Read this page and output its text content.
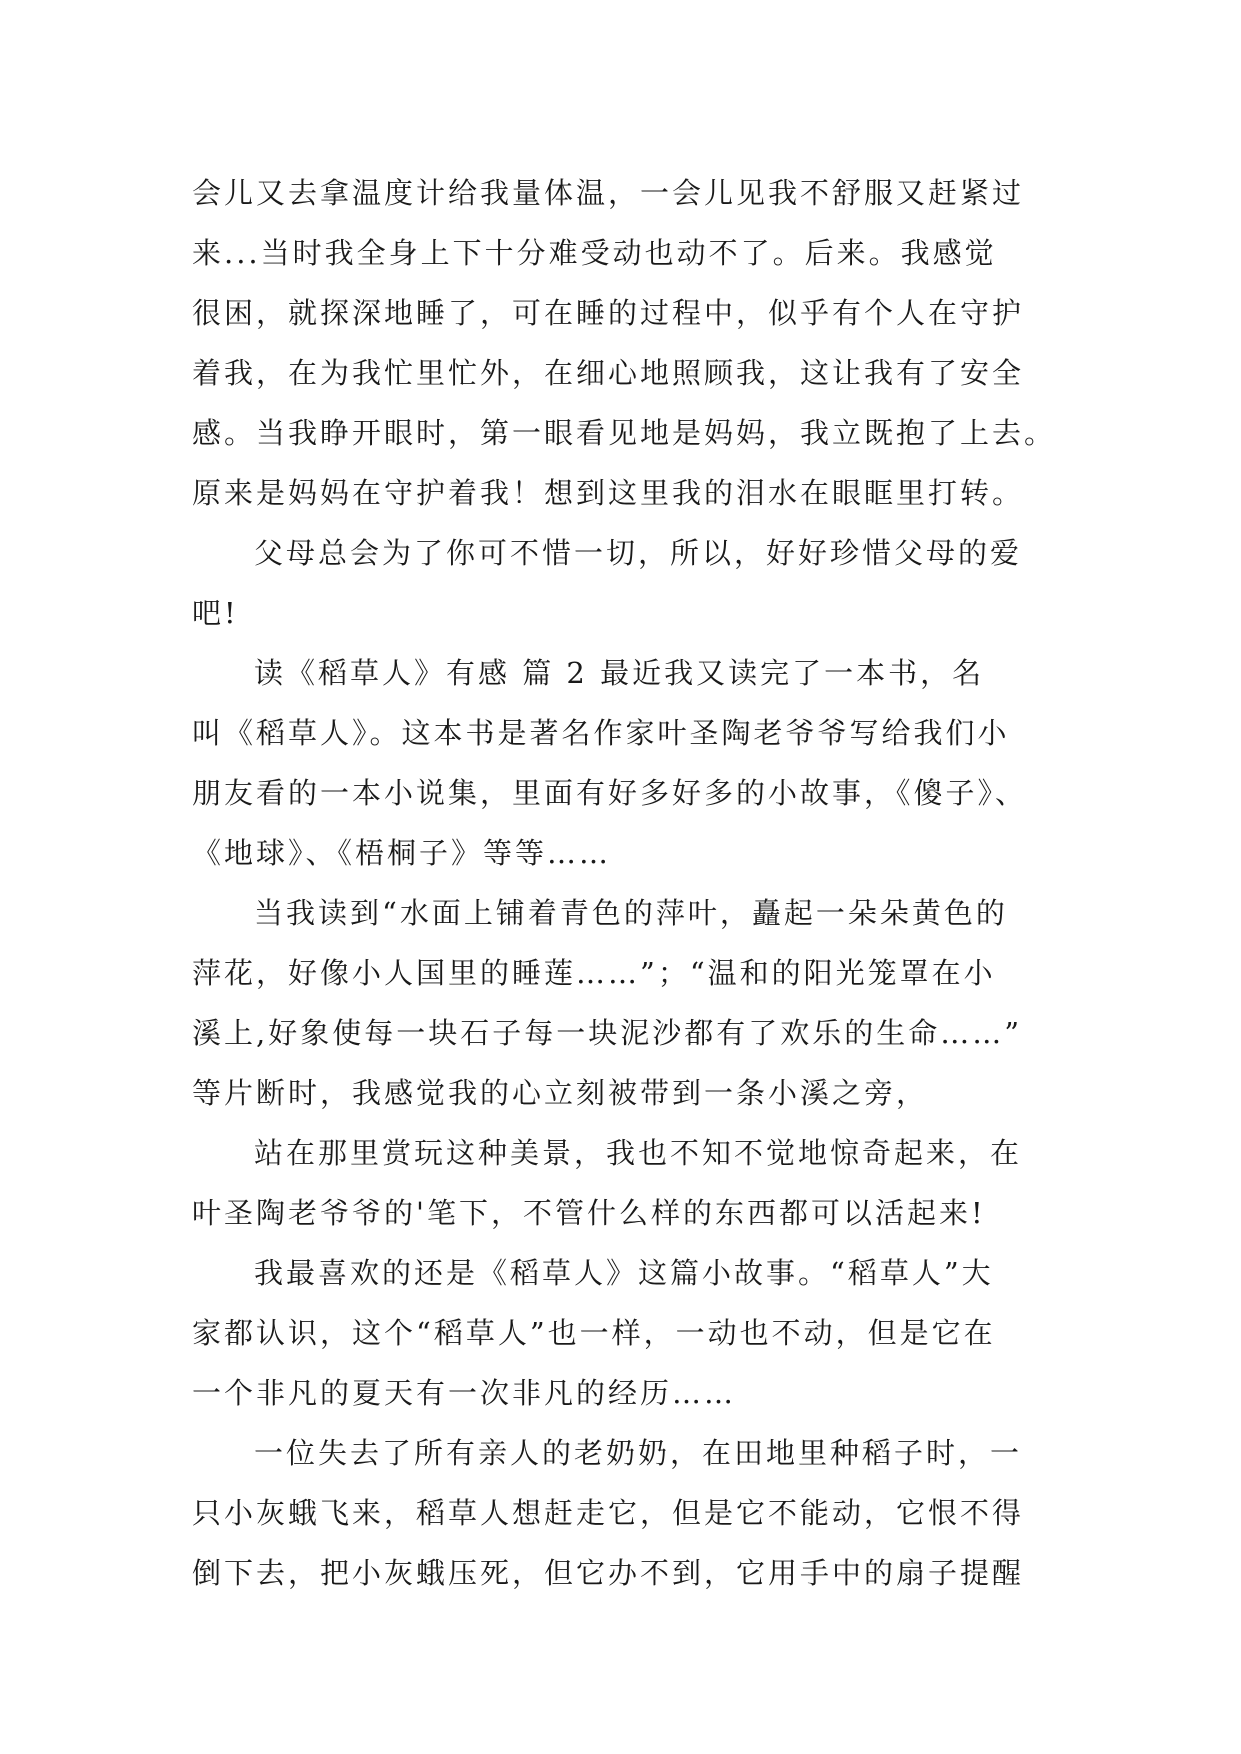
会儿又去拿温度计给我量体温，一会儿见我不舒服又赶紧过
来...当时我全身上下十分难受动也动不了。后来。我感觉
很困，就探深地睡了，可在睡的过程中，似乎有个人在守护
着我，在为我忙里忙外，在细心地照顾我，这让我有了安全
感。当我睁开眼时，第一眼看见地是妈妈，我立既抱了上去。
原来是妈妈在守护着我！想到这里我的泪水在眼眶里打转。
父母总会为了你可不惜一切，所以，好好珍惜父母的爱
吧!
读《稻草人》有感 篇 2 最近我又读完了一本书，名
叫《稻草人》。这本书是著名作家叶圣陶老爷爷写给我们小
朋友看的一本小说集，里面有好多好多的小故事，《傻子》、
《地球》、《梧桐子》等等……
当我读到“水面上铺着青色的萍叶，矗起一朵朵黄色的
萍花，好像小人国里的睡莲……”；“温和的阳光笼罩在小
溪上,好象使每一块石子每一块泥沙都有了欢乐的生命……”
等片断时，我感觉我的心立刻被带到一条小溪之旁，
站在那里赏玩这种美景，我也不知不觉地惊奇起来，在
叶圣陶老爷爷的'笔下，不管什么样的东西都可以活起来!
我最喜欢的还是《稻草人》这篇小故事。“稻草人”大
家都认识，这个“稻草人”也一样，一动也不动，但是它在
一个非凡的夏天有一次非凡的经历……
一位失去了所有亲人的老奶奶，在田地里种稻子时，一
只小灰蛾飞来，稻草人想赶走它，但是它不能动，它恨不得
倒下去，把小灰蛾压死，但它办不到，它用手中的扇子提醒
